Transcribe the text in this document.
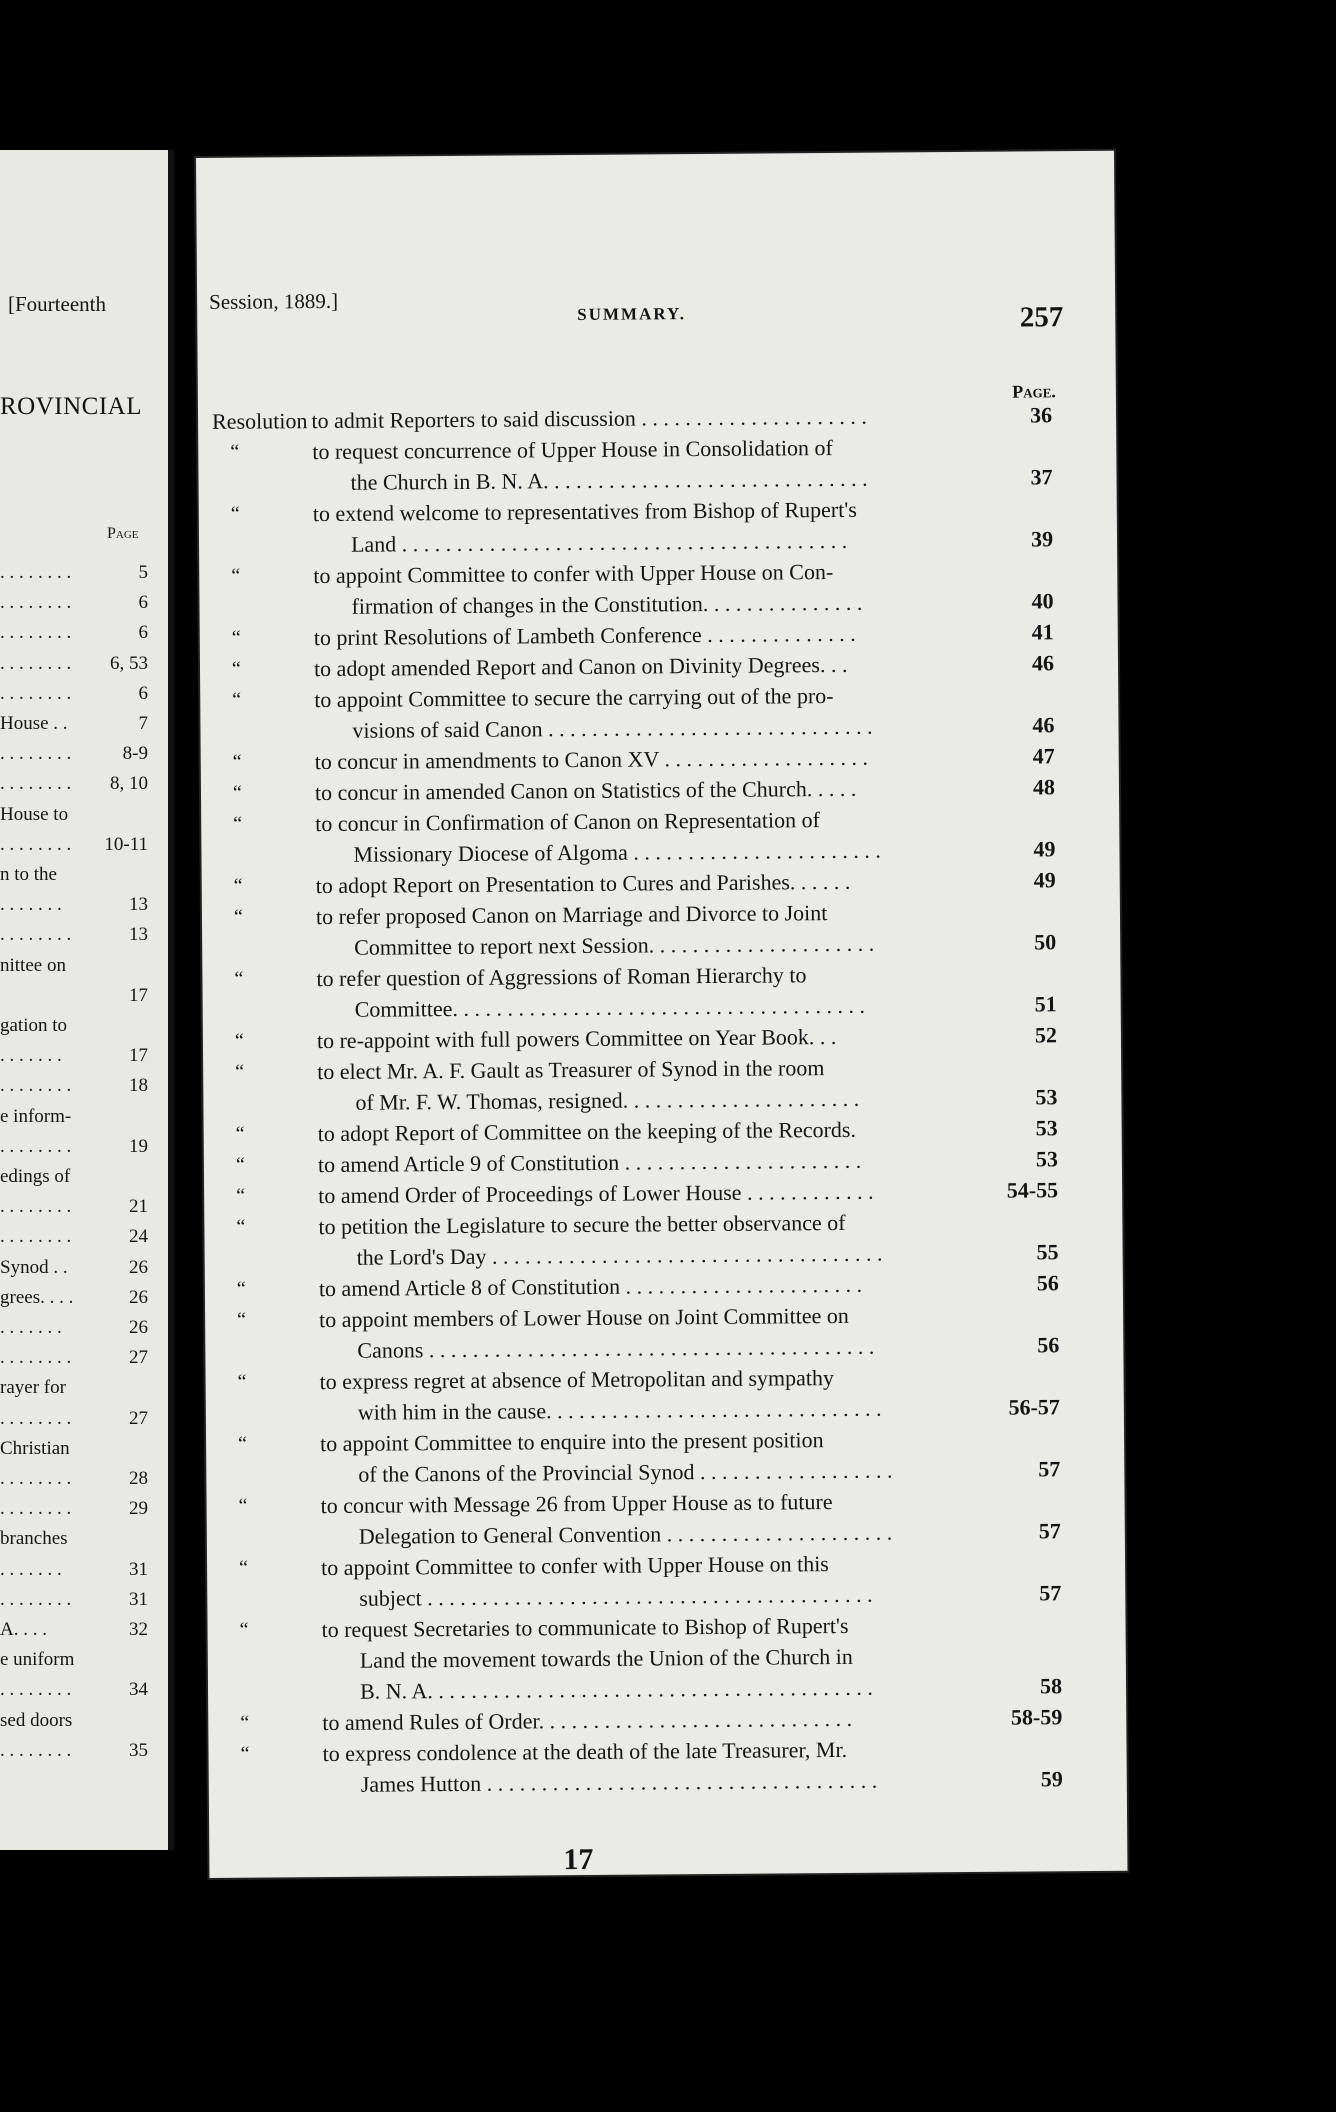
[Fourteenth
ROVINCIAL
Page
. . . . . . . .	5
. . . . . . . .	6
. . . . . . . .	6
. . . . . . . . 6, 53
. . . . . . . .	6
House . .	7
. . . . . . . .	8-9
. . . . . . . . 8, 10
House to
. . . . . . . . 10-11
n to the
. . . . . . .	13
. . . . . . . .	13
nittee on
17
gation to
. . . . . . .	17
. . . . . . . .	18
e inform-
. . . . . . . .	19
edings of
. . . . . . . .	21
. . . . . . . .	24
Synod . .	26
grees. . . .	26
. . . . . . .	26
. . . . . . . .	27
rayer for
. . . . . . . .	27
Christian
. . . . . . . .	28
. . . . . . . .	29
branches
. . . . . . .	31
. . . . . . . .	31
A. . . .	32
e uniform
. . . . . . . .	34
sed doors
. . . . . . . .	35
Session, 1889.]
SUMMARY.	257
Page.
Resolution to admit Reporters to said discussion . . . . . . . . . . . . . . . . . . . . .	36
“	to request concurrence of Upper House in Consolidation of
the Church in B. N. A. . . . . . . . . . . . . . . . . . . . . . . . . . . . . .	37
“	to extend welcome to representatives from Bishop of Rupert's
Land . . . . . . . . . . . . . . . . . . . . . . . . . . . . . . . . . . . . . . . . .	39
“	to appoint Committee to confer with Upper House on Con-
firmation of changes in the Constitution. . . . . . . . . . . . . . .	40
“	to print Resolutions of Lambeth Conference . . . . . . . . . . . . . .	41
“	to adopt amended Report and Canon on Divinity Degrees. . .	46
“	to appoint Committee to secure the carrying out of the pro-
visions of said Canon . . . . . . . . . . . . . . . . . . . . . . . . . . . . . .	46
“	to concur in amendments to Canon XV . . . . . . . . . . . . . . . . . . .	47
“	to concur in amended Canon on Statistics of the Church. . . . .	48
“	to concur in Confirmation of Canon on Representation of
Missionary Diocese of Algoma . . . . . . . . . . . . . . . . . . . . . . .	49
“	to adopt Report on Presentation to Cures and Parishes. . . . . .	49
“	to refer proposed Canon on Marriage and Divorce to Joint
Committee to report next Session. . . . . . . . . . . . . . . . . . . . .	50
“	to refer question of Aggressions of Roman Hierarchy to
Committee. . . . . . . . . . . . . . . . . . . . . . . . . . . . . . . . . . . . . .	51
“	to re-appoint with full powers Committee on Year Book. . .	52
“	to elect Mr. A. F. Gault as Treasurer of Synod in the room
of Mr. F. W. Thomas, resigned. . . . . . . . . . . . . . . . . . . . . .	53
“	to adopt Report of Committee on the keeping of the Records.	53
“	to amend Article 9 of Constitution . . . . . . . . . . . . . . . . . . . . . .	53
“	to amend Order of Proceedings of Lower House . . . . . . . . . . . .	54-55
“	to petition the Legislature to secure the better observance of
the Lord's Day . . . . . . . . . . . . . . . . . . . . . . . . . . . . . . . . . . . .	55
“	to amend Article 8 of Constitution . . . . . . . . . . . . . . . . . . . . . .	56
“	to appoint members of Lower House on Joint Committee on
Canons . . . . . . . . . . . . . . . . . . . . . . . . . . . . . . . . . . . . . . . . .	56
“	to express regret at absence of Metropolitan and sympathy
with him in the cause. . . . . . . . . . . . . . . . . . . . . . . . . . . . . . .	56-57
“	to appoint Committee to enquire into the present position
of the Canons of the Provincial Synod . . . . . . . . . . . . . . . . . .	57
“	to concur with Message 26 from Upper House as to future
Delegation to General Convention . . . . . . . . . . . . . . . . . . . . .	57
“	to appoint Committee to confer with Upper House on this
subject . . . . . . . . . . . . . . . . . . . . . . . . . . . . . . . . . . . . . . . . .	57
“	to request Secretaries to communicate to Bishop of Rupert's
Land the movement towards the Union of the Church in
B. N. A. . . . . . . . . . . . . . . . . . . . . . . . . . . . . . . . . . . . . . . . .	58
“	to amend Rules of Order. . . . . . . . . . . . . . . . . . . . . . . . . . . . .	58-59
“	to express condolence at the death of the late Treasurer, Mr.
James Hutton . . . . . . . . . . . . . . . . . . . . . . . . . . . . . . . . . . . .	59
17
